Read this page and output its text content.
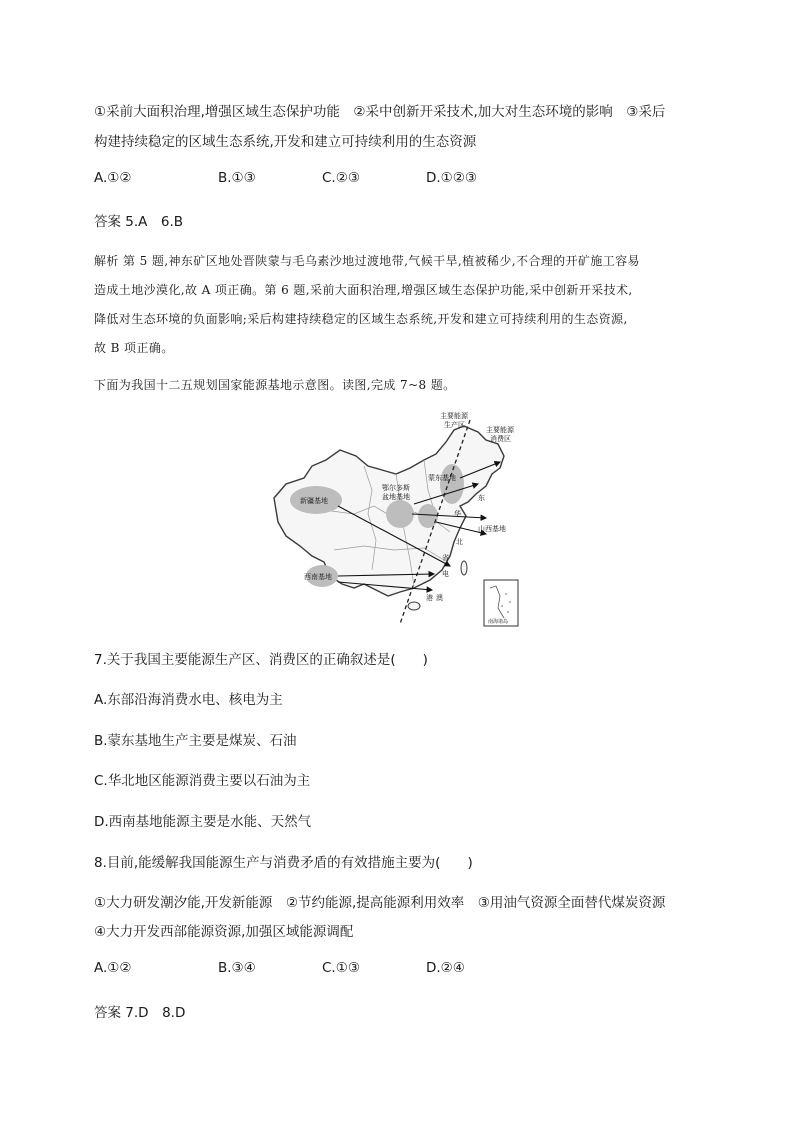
①采前大面积治理,增强区域生态保护功能　②采中创新开采技术,加大对生态环境的影响　③采后
构建持续稳定的区域生态系统,开发和建立可持续利用的生态资源
A.①②	B.①③	C.②③	D.①②③
答案 5.A　6.B
解析 第 5 题,神东矿区地处晋陕蒙与毛乌素沙地过渡地带,气候干旱,植被稀少,不合理的开矿施工容易
造成土地沙漠化,故 A 项正确。第 6 题,采前大面积治理,增强区域生态保护功能,采中创新开采技术,
降低对生态环境的负面影响;采后构建持续稳定的区域生态系统,开发和建立可持续利用的生态资源,
故 B 项正确。
下面为我国十二五规划国家能源基地示意图。读图,完成 7~8 题。
主要能源
生产区
主要能源
消费区
新疆基地
鄂尔多斯
盆地基地
蒙东基地
山西基地
西南基地
东
华
北
省
电
港 澳
南海诸岛
7.关于我国主要能源生产区、消费区的正确叙述是(　　)
A.东部沿海消费水电、核电为主
B.蒙东基地生产主要是煤炭、石油
C.华北地区能源消费主要以石油为主
D.西南基地能源主要是水能、天然气
8.目前,能缓解我国能源生产与消费矛盾的有效措施主要为(　　)
①大力研发潮汐能,开发新能源　②节约能源,提高能源利用效率　③用油气资源全面替代煤炭资源
④大力开发西部能源资源,加强区域能源调配
A.①②	B.③④	C.①③	D.②④
答案 7.D　8.D
